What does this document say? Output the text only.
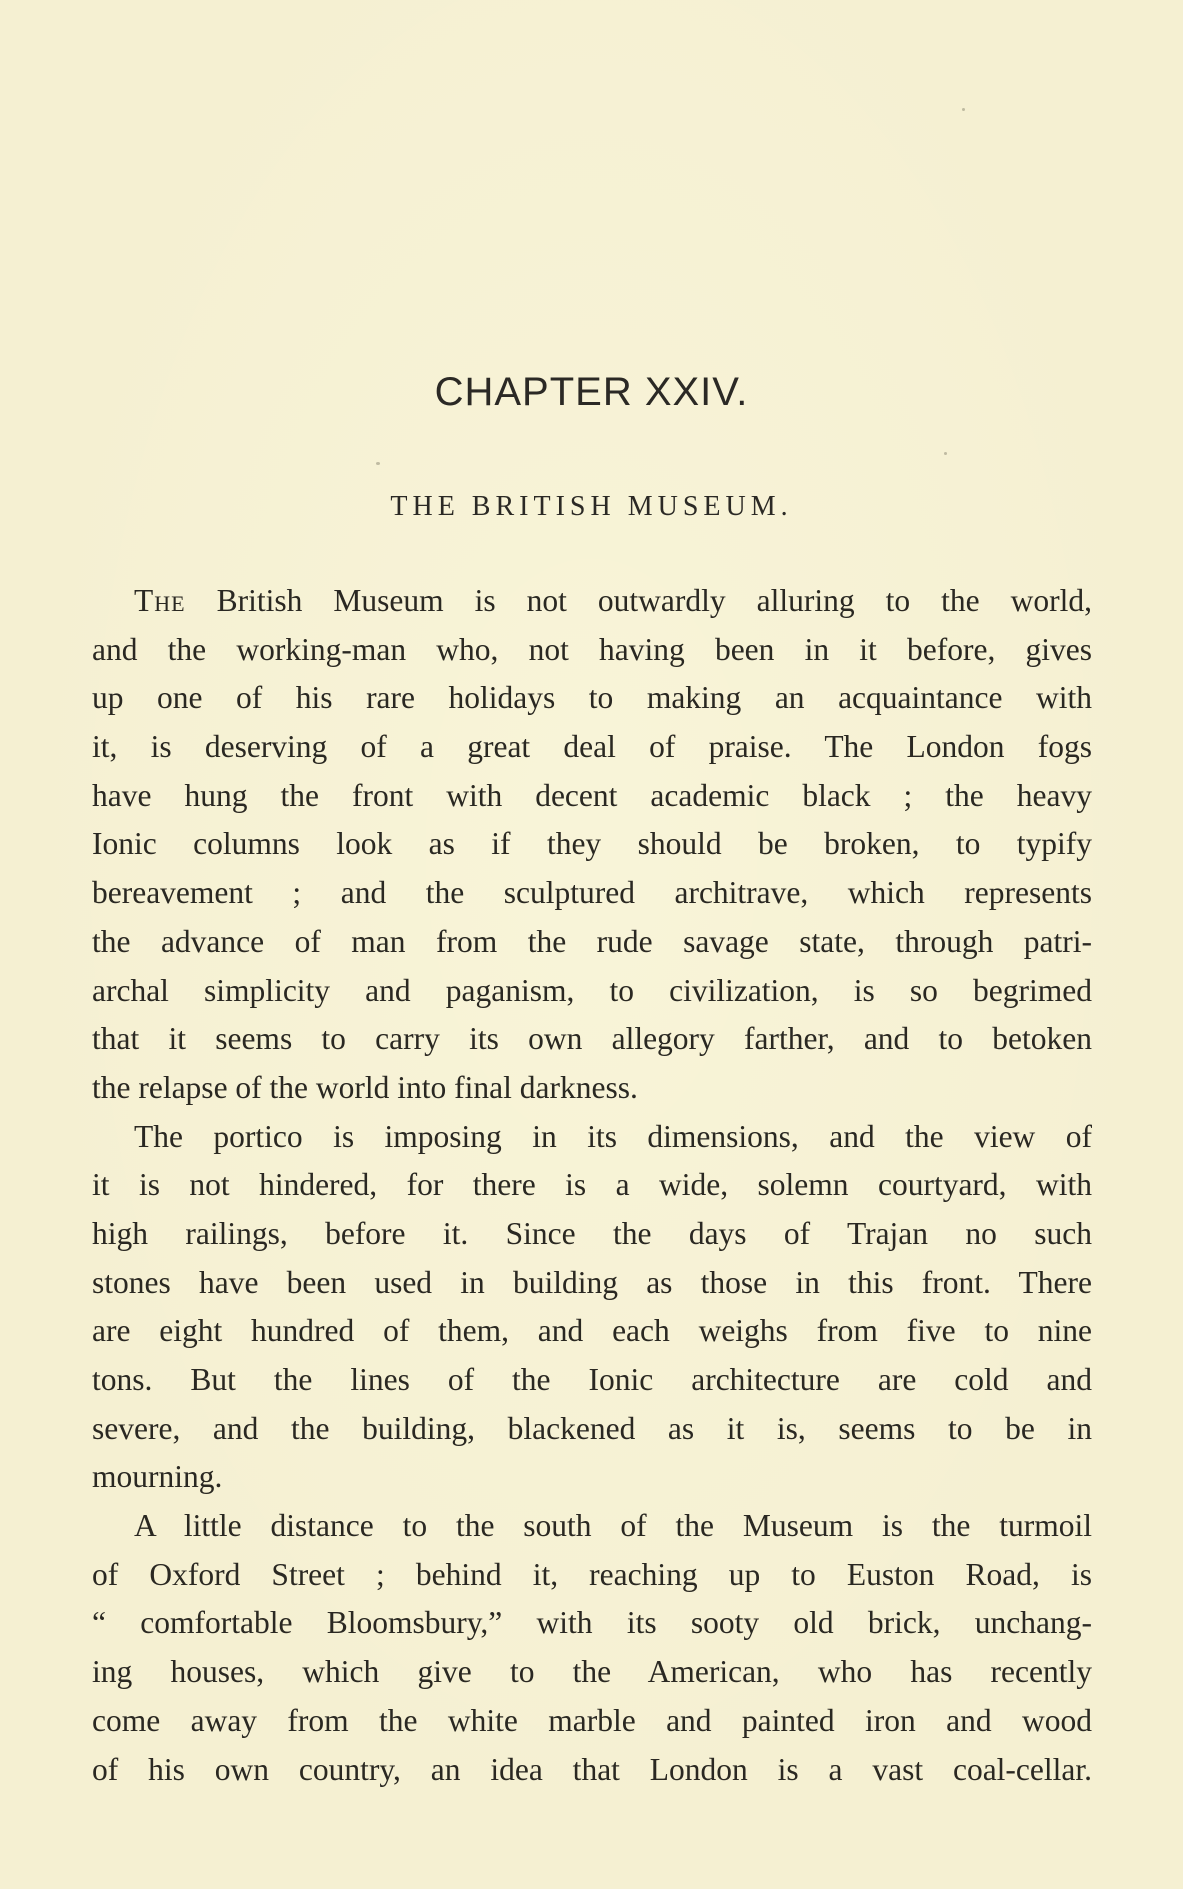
CHAPTER XXIV.
THE BRITISH MUSEUM.
The British Museum is not outwardly alluring to the world,
and the working-man who, not having been in it before, gives
up one of his rare holidays to making an acquaintance with
it, is deserving of a great deal of praise. The London fogs
have hung the front with decent academic black ; the heavy
Ionic columns look as if they should be broken, to typify
bereavement ; and the sculptured architrave, which represents
the advance of man from the rude savage state, through patri-
archal simplicity and paganism, to civilization, is so begrimed
that it seems to carry its own allegory farther, and to betoken
the relapse of the world into final darkness.
The portico is imposing in its dimensions, and the view of
it is not hindered, for there is a wide, solemn courtyard, with
high railings, before it. Since the days of Trajan no such
stones have been used in building as those in this front. There
are eight hundred of them, and each weighs from five to nine
tons. But the lines of the Ionic architecture are cold and
severe, and the building, blackened as it is, seems to be in
mourning.
A little distance to the south of the Museum is the turmoil
of Oxford Street ; behind it, reaching up to Euston Road, is
“ comfortable Bloomsbury,” with its sooty old brick, unchang-
ing houses, which give to the American, who has recently
come away from the white marble and painted iron and wood
of his own country, an idea that London is a vast coal-cellar.
